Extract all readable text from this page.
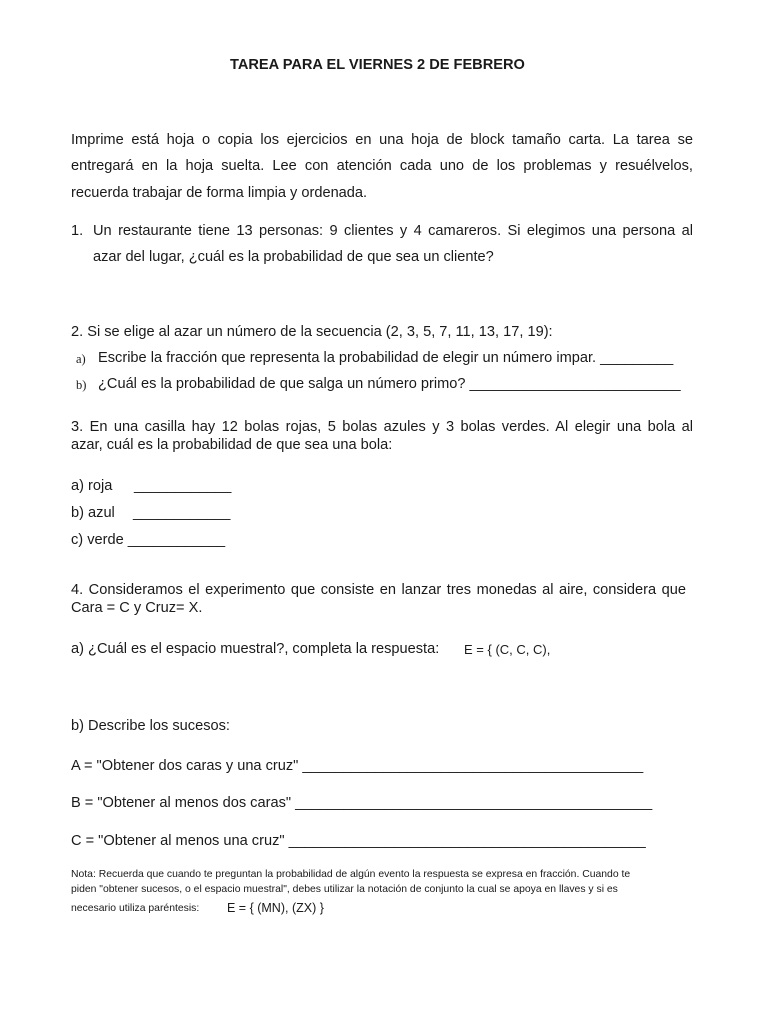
TAREA PARA EL VIERNES 2 DE FEBRERO
Imprime está hoja o copia los ejercicios en una hoja de block tamaño carta. La tarea se
entregará en la hoja suelta. Lee con atención cada uno de los problemas y resuélvelos,
recuerda trabajar de forma limpia y ordenada.
1. Un restaurante tiene 13 personas: 9 clientes y 4 camareros. Si elegimos una persona al
azar del lugar, ¿cuál es la probabilidad de que sea un cliente?
2. Si se elige al azar un número de la secuencia (2, 3, 5, 7, 11, 13, 17, 19):
a) Escribe la fracción que representa la probabilidad de elegir un número impar. _________
b) ¿Cuál es la probabilidad de que salga un número primo? __________________________
3. En una casilla hay 12 bolas rojas, 5 bolas azules y 3 bolas verdes. Al elegir una bola al
azar, cuál es la probabilidad de que sea una bola:
a) roja ____________
b) azul ____________
c) verde ____________
4. Consideramos el experimento que consiste en lanzar tres monedas al aire, considera que
Cara = C y Cruz= X.
a) ¿Cuál es el espacio muestral?, completa la respuesta: E = { (C, C, C),
b) Describe los sucesos:
A = "Obtener dos caras y una cruz" __________________________________________
B = "Obtener al menos dos caras" ____________________________________________
C = "Obtener al menos una cruz" ____________________________________________
Nota: Recuerda que cuando te preguntan la probabilidad de algún evento la respuesta se expresa en fracción. Cuando te
piden "obtener sucesos, o el espacio muestral", debes utilizar la notación de conjunto la cual se apoya en llaves y si es
necesario utiliza paréntesis: E = { (MN), (ZX) }
